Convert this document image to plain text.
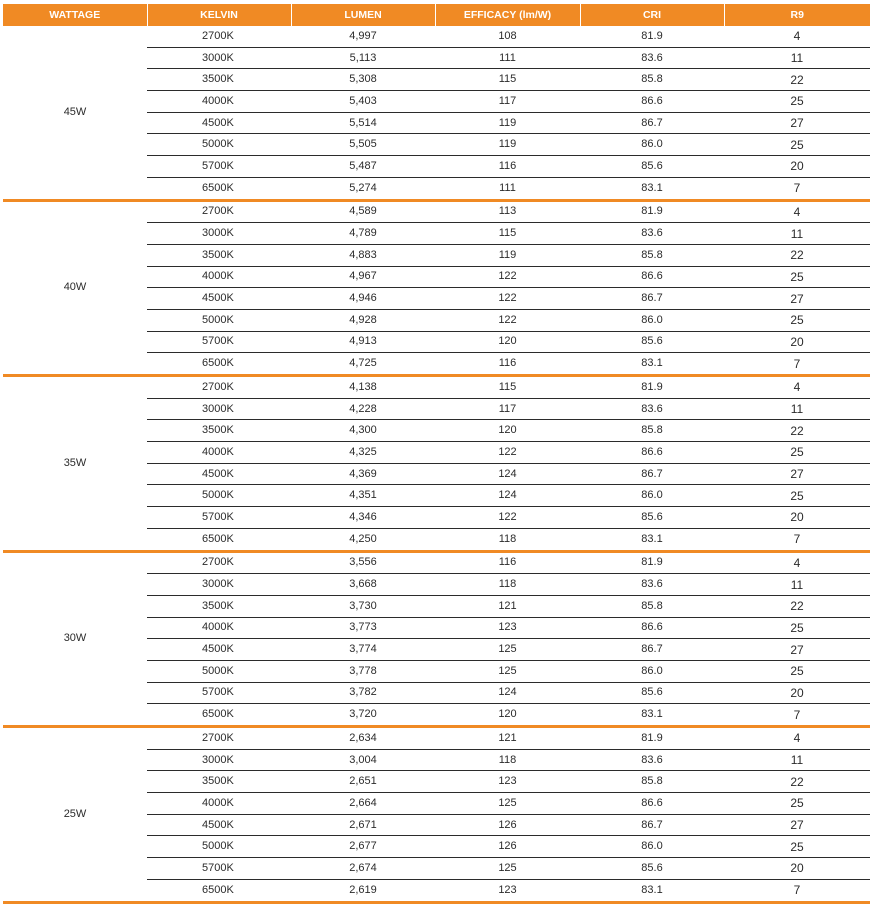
WATTAGE	KELVIN	LUMEN	EFFICACY (lm/W)	CRI	R9
45W	2700K	4,997	108	81.9	4
	3000K	5,113	111	83.6	11
	3500K	5,308	115	85.8	22
	4000K	5,403	117	86.6	25
	4500K	5,514	119	86.7	27
	5000K	5,505	119	86.0	25
	5700K	5,487	116	85.6	20
	6500K	5,274	111	83.1	7
40W	2700K	4,589	113	81.9	4
	3000K	4,789	115	83.6	11
	3500K	4,883	119	85.8	22
	4000K	4,967	122	86.6	25
	4500K	4,946	122	86.7	27
	5000K	4,928	122	86.0	25
	5700K	4,913	120	85.6	20
	6500K	4,725	116	83.1	7
35W	2700K	4,138	115	81.9	4
	3000K	4,228	117	83.6	11
	3500K	4,300	120	85.8	22
	4000K	4,325	122	86.6	25
	4500K	4,369	124	86.7	27
	5000K	4,351	124	86.0	25
	5700K	4,346	122	85.6	20
	6500K	4,250	118	83.1	7
30W	2700K	3,556	116	81.9	4
	3000K	3,668	118	83.6	11
	3500K	3,730	121	85.8	22
	4000K	3,773	123	86.6	25
	4500K	3,774	125	86.7	27
	5000K	3,778	125	86.0	25
	5700K	3,782	124	85.6	20
	6500K	3,720	120	83.1	7
25W	2700K	2,634	121	81.9	4
	3000K	3,004	118	83.6	11
	3500K	2,651	123	85.8	22
	4000K	2,664	125	86.6	25
	4500K	2,671	126	86.7	27
	5000K	2,677	126	86.0	25
	5700K	2,674	125	85.6	20
	6500K	2,619	123	83.1	7
